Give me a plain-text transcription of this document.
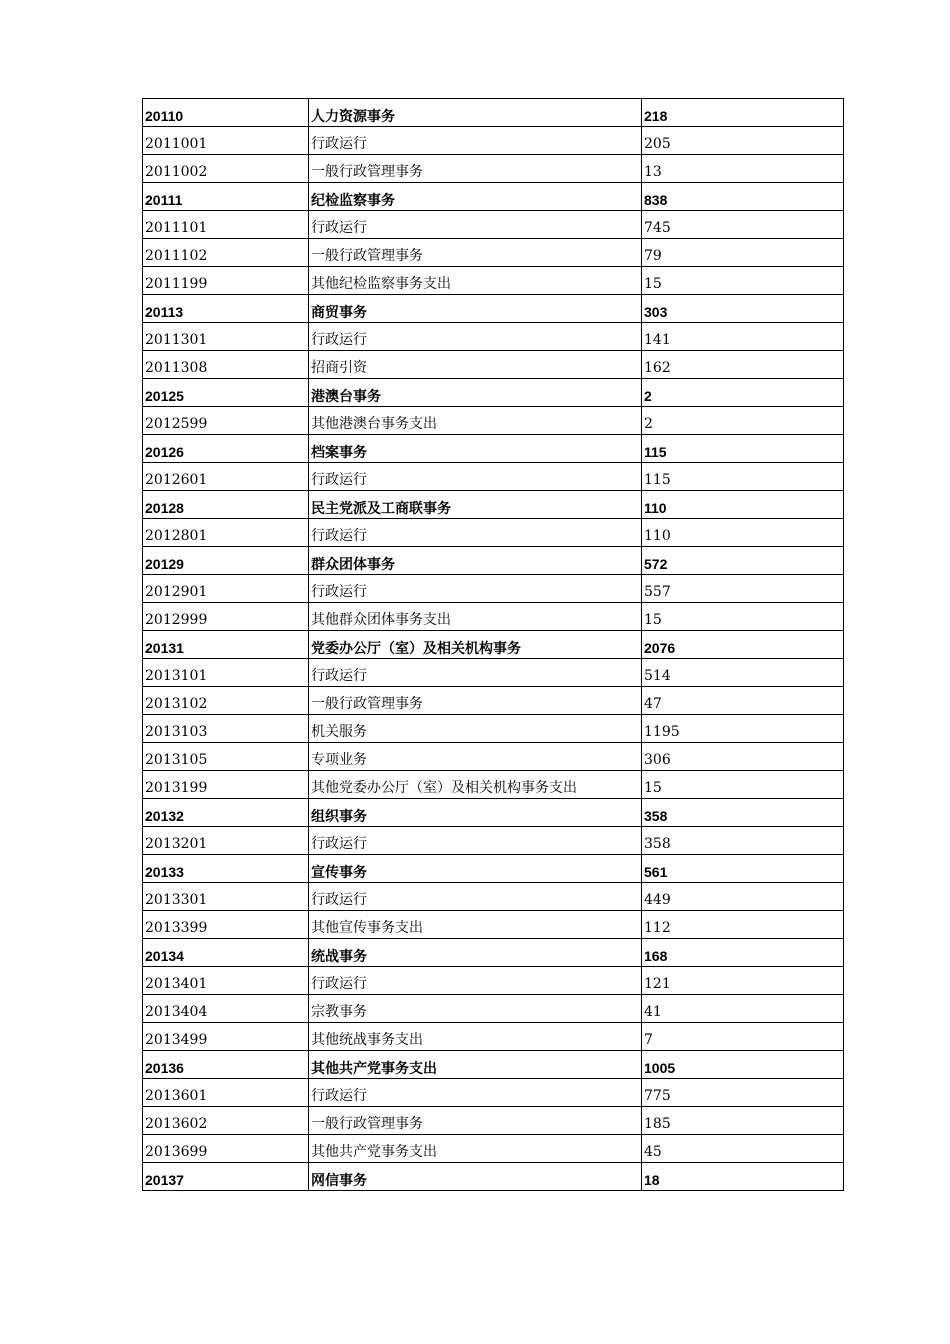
20110	人力资源事务	218
2011001	行政运行	205
2011002	一般行政管理事务	13
20111	纪检监察事务	838
2011101	行政运行	745
2011102	一般行政管理事务	79
2011199	其他纪检监察事务支出	15
20113	商贸事务	303
2011301	行政运行	141
2011308	招商引资	162
20125	港澳台事务	2
2012599	其他港澳台事务支出	2
20126	档案事务	115
2012601	行政运行	115
20128	民主党派及工商联事务	110
2012801	行政运行	110
20129	群众团体事务	572
2012901	行政运行	557
2012999	其他群众团体事务支出	15
20131	党委办公厅（室）及相关机构事务	2076
2013101	行政运行	514
2013102	一般行政管理事务	47
2013103	机关服务	1195
2013105	专项业务	306
2013199	其他党委办公厅（室）及相关机构事务支出	15
20132	组织事务	358
2013201	行政运行	358
20133	宣传事务	561
2013301	行政运行	449
2013399	其他宣传事务支出	112
20134	统战事务	168
2013401	行政运行	121
2013404	宗教事务	41
2013499	其他统战事务支出	7
20136	其他共产党事务支出	1005
2013601	行政运行	775
2013602	一般行政管理事务	185
2013699	其他共产党事务支出	45
20137	网信事务	18
